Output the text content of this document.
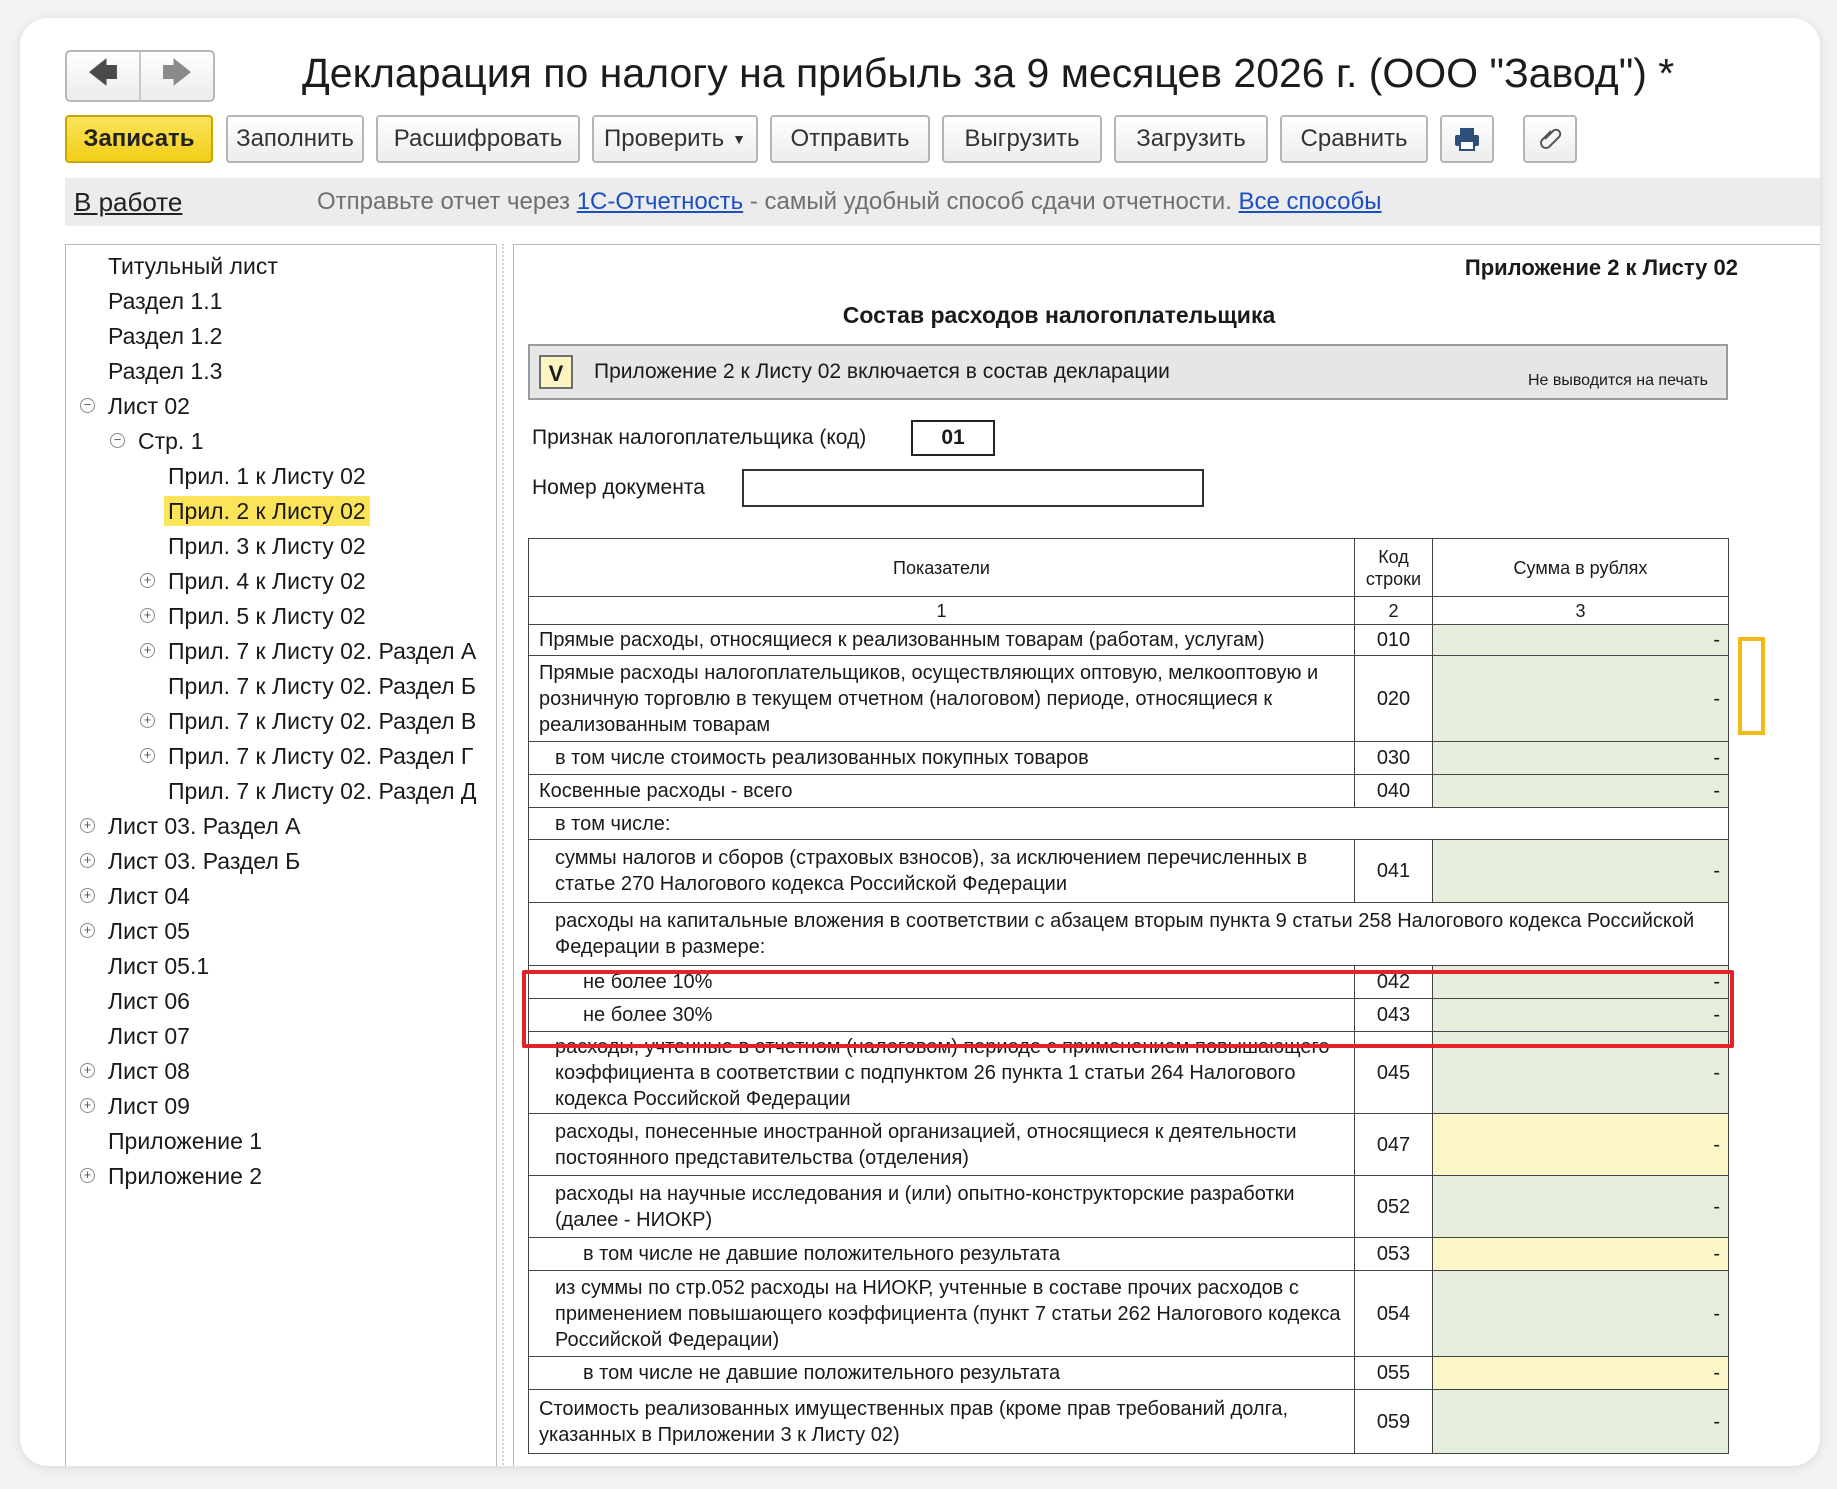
🡄 🡆	Декларация по налогу на прибыль за 9 месяцев 2026 г. (ООО "Завод") *
Записать	Заполнить	Расшифровать	Проверить ▼	Отправить	Выгрузить	Загрузить	Сравнить
В работе	Отправьте отчет через 1С-Отчетность - самый удобный способ сдачи отчетности. Все способы
Титульный лист
Раздел 1.1
Раздел 1.2
Раздел 1.3
− Лист 02
− Стр. 1
Прил. 1 к Листу 02
Прил. 2 к Листу 02
Прил. 3 к Листу 02
+ Прил. 4 к Листу 02
+ Прил. 5 к Листу 02
+ Прил. 7 к Листу 02. Раздел А
Прил. 7 к Листу 02. Раздел Б
+ Прил. 7 к Листу 02. Раздел В
+ Прил. 7 к Листу 02. Раздел Г
Прил. 7 к Листу 02. Раздел Д
+ Лист 03. Раздел А
+ Лист 03. Раздел Б
+ Лист 04
+ Лист 05
Лист 05.1
Лист 06
Лист 07
+ Лист 08
+ Лист 09
Приложение 1
+ Приложение 2
Приложение 2 к Листу 02
Состав расходов налогоплательщика
V	Приложение 2 к Листу 02 включается в состав декларации	Не выводится на печать
Признак налогоплательщика (код)	01
Номер документа
Показатели	Код строки	Сумма в рублях
1	2	3
Прямые расходы, относящиеся к реализованным товарам (работам, услугам)	010	-
Прямые расходы налогоплательщиков, осуществляющих оптовую, мелкооптовую и розничную торговлю в текущем отчетном (налоговом) периоде, относящиеся к реализованным товарам	020	-
в том числе стоимость реализованных покупных товаров	030	-
Косвенные расходы - всего	040	-
в том числе:		
суммы налогов и сборов (страховых взносов), за исключением перечисленных в статье 270 Налогового кодекса Российской Федерации	041	-
расходы на капитальные вложения в соответствии с абзацем вторым пункта 9 статьи 258 Налогового кодекса Российской Федерации в размере:		
не более 10%	042	-
не более 30%	043	-
расходы, учтенные в отчетном (налоговом) периоде с применением повышающего коэффициента в соответствии с подпунктом 26 пункта 1 статьи 264 Налогового кодекса Российской Федерации	045	-
расходы, понесенные иностранной организацией, относящиеся к деятельности постоянного представительства (отделения)	047	-
расходы на научные исследования и (или) опытно-конструкторские разработки (далее - НИОКР)	052	-
в том числе не давшие положительного результата	053	-
из суммы по стр.052 расходы на НИОКР, учтенные в составе прочих расходов с применением повышающего коэффициента (пункт 7 статьи 262 Налогового кодекса Российской Федерации)	054	-
в том числе не давшие положительного результата	055	-
Стоимость реализованных имущественных прав (кроме прав требований долга, указанных в Приложении 3 к Листу 02)	059	-
